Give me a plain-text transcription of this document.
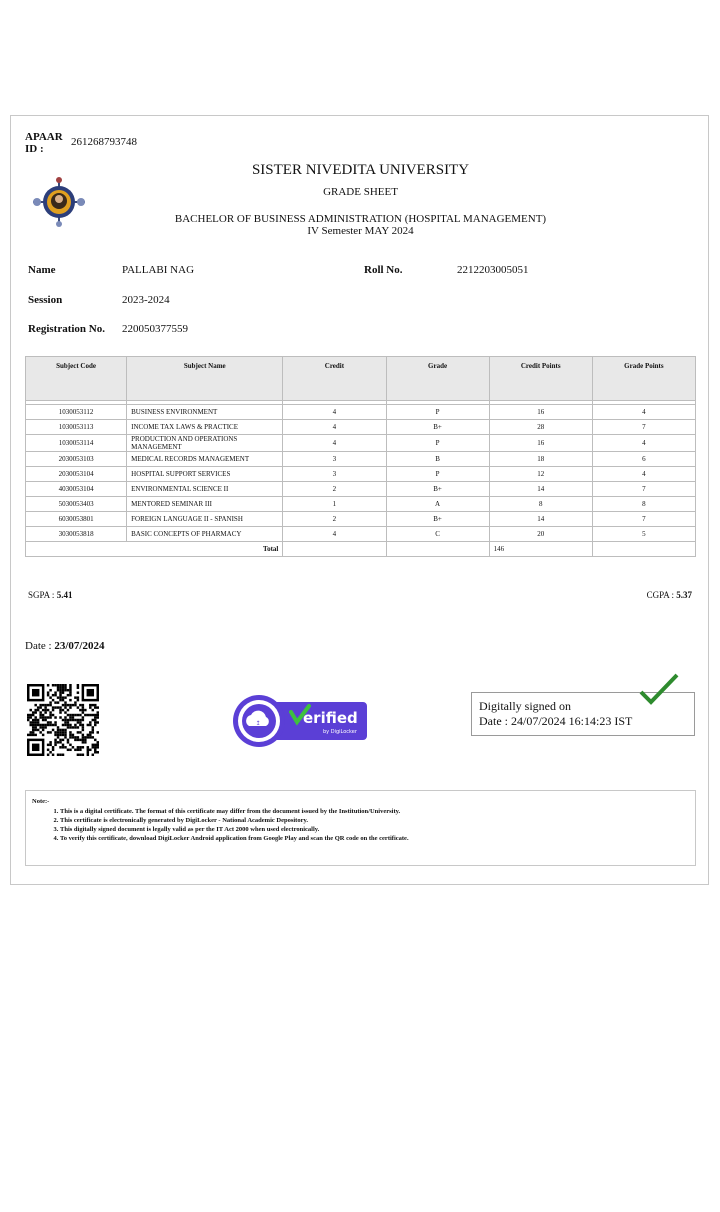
APAAR ID :
261268793748
SISTER NIVEDITA UNIVERSITY
GRADE SHEET
BACHELOR OF BUSINESS ADMINISTRATION (HOSPITAL MANAGEMENT)
IV Semester MAY 2024
Name	PALLABI NAG	Roll No.	2212203005051
Session	2023-2024
Registration No. 220050377559
Subject Code	Subject Name	Credit	Grade	Credit Points	Grade Points

1030053112	BUSINESS ENVIRONMENT	4	P	16	4
1030053113	INCOME TAX LAWS & PRACTICE	4	B+	28	7
1030053114	PRODUCTION AND OPERATIONS MANAGEMENT	4	P	16	4
2030053103	MEDICAL RECORDS MANAGEMENT	3	B	18	6
2030053104	HOSPITAL SUPPORT SERVICES	3	P	12	4
4030053104	ENVIRONMENTAL SCIENCE II	2	B+	14	7
5030053403	MENTORED SEMINAR III	1	A	8	8
6030053801	FOREIGN LANGUAGE II - SPANISH	2	B+	14	7
3030053818	BASIC CONCEPTS OF PHARMACY	4	C	20	5
Total				146	
SGPA : 5.41	CGPA : 5.37
Date : 23/07/2024
↥	erified
by DigiLocker
Digitally signed on
Date : 24/07/2024 16:14:23 IST
Note:-
1. This is a digital certificate. The format of this certificate may differ from the document issued by the Institution/University.
2. This certificate is electronically generated by DigiLocker - National Academic Depository.
3. This digitally signed document is legally valid as per the IT Act 2000 when used electronically.
4. To verify this certificate, download DigiLocker Android application from Google Play and scan the QR code on the certificate.
